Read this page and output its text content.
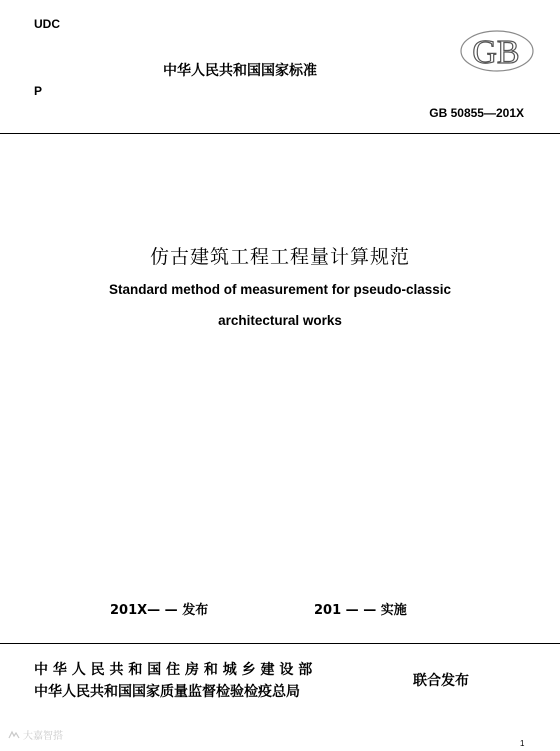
UDC
中华人民共和国国家标准
P
GB
GB 50855—201X
仿古建筑工程工程量计算规范
Standard method of measurement for pseudo-classic
architectural works
201X— — 发布	201 — — 实施
中 华 人 民 共 和 国 住 房 和 城 乡 建 设 部
中华人民共和国国家质量监督检验检疫总局
联合发布
大嘉智搭
1
